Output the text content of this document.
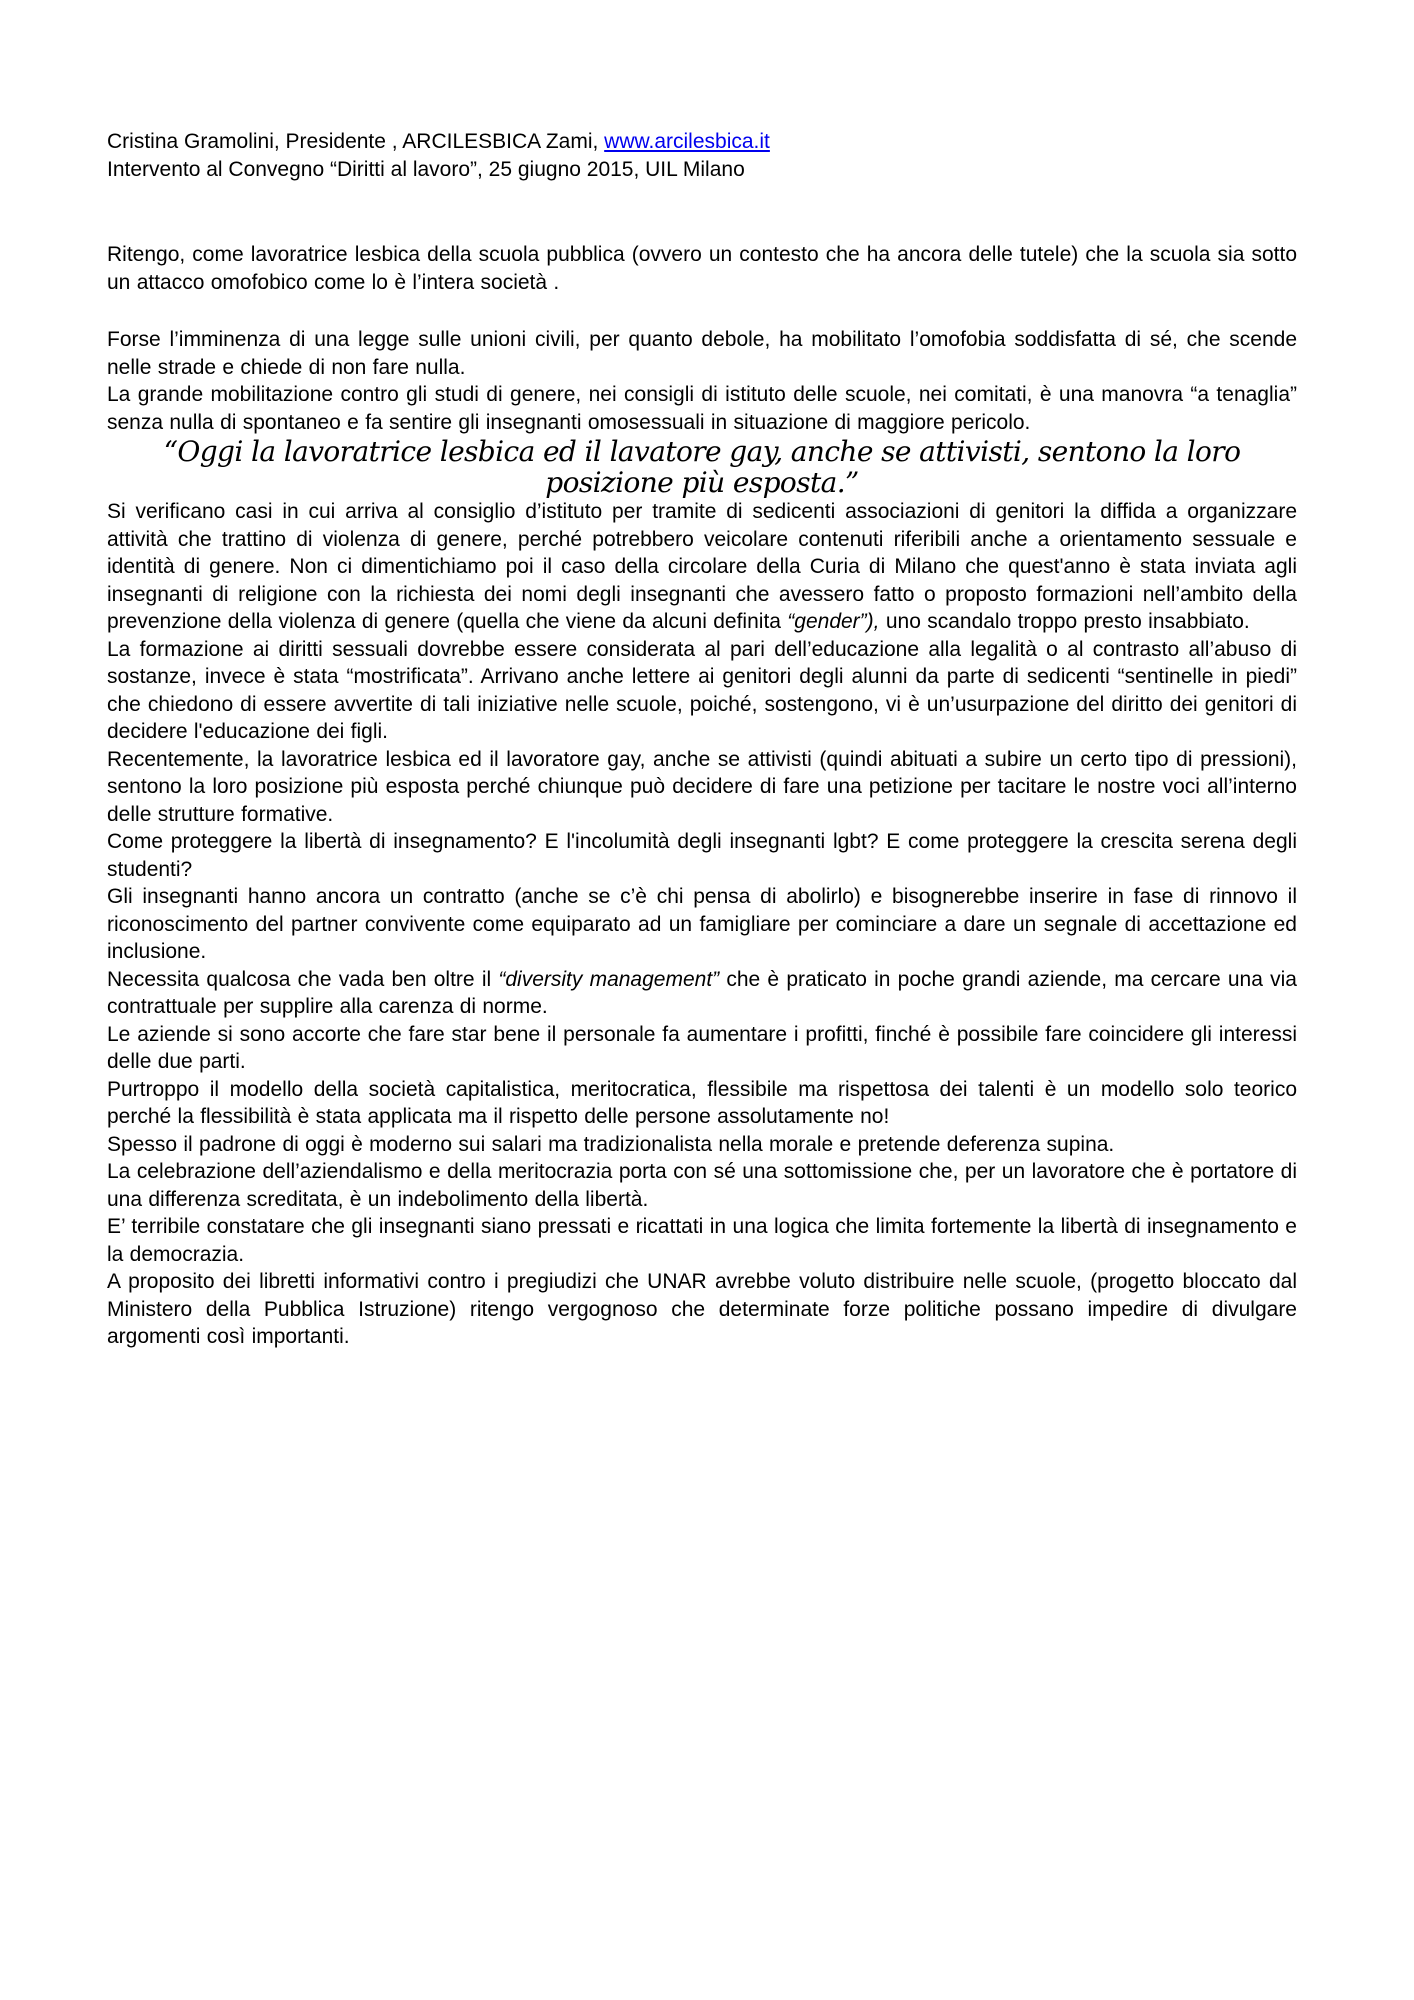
Cristina Gramolini, Presidente , ARCILESBICA Zami, www.arcilesbica.it

Intervento al Convegno “Diritti al lavoro”, 25 giugno 2015, UIL Milano

Ritengo, come lavoratrice lesbica della scuola pubblica (ovvero un contesto che ha ancora delle tutele) che la scuola sia sotto un attacco omofobico come lo è l’intera società .

Forse l’imminenza di una legge sulle unioni civili, per quanto debole, ha mobilitato l’omofobia soddisfatta di sé, che scende nelle strade e chiede di non fare nulla.

La grande mobilitazione contro gli studi di genere, nei consigli di istituto delle scuole, nei comitati, è una manovra “a tenaglia” senza nulla di spontaneo e fa sentire gli insegnanti omosessuali in situazione di maggiore pericolo.

“Oggi la lavoratrice lesbica ed il lavatore gay, anche se attivisti, sentono la loro posizione più esposta.”

Si verificano casi in cui arriva al consiglio d’istituto per tramite di sedicenti associazioni di genitori la diffida a organizzare attività che trattino di violenza di genere, perché potrebbero veicolare contenuti riferibili anche a orientamento sessuale e identità di genere. Non ci dimentichiamo poi il caso della circolare della Curia di Milano che quest'anno è stata inviata agli insegnanti di religione con la richiesta dei nomi degli insegnanti che avessero fatto o proposto formazioni nell’ambito della prevenzione della violenza di genere (quella che viene da alcuni definita “gender”), uno scandalo troppo presto insabbiato.

La formazione ai diritti sessuali dovrebbe essere considerata al pari dell’educazione alla legalità o al contrasto all’abuso di sostanze, invece è stata “mostrificata”. Arrivano anche lettere ai genitori degli alunni da parte di sedicenti “sentinelle in piedi” che chiedono di essere avvertite di tali iniziative nelle scuole, poiché, sostengono, vi è un’usurpazione del diritto dei genitori di decidere l'educazione dei figli.

Recentemente, la lavoratrice lesbica ed il lavoratore gay, anche se attivisti (quindi abituati a subire un certo tipo di pressioni), sentono la loro posizione più esposta perché chiunque può decidere di fare una petizione per tacitare le nostre voci all’interno delle strutture formative.

Come proteggere la libertà di insegnamento? E l'incolumità degli insegnanti lgbt? E come proteggere la crescita serena degli studenti?

Gli insegnanti hanno ancora un contratto (anche se c’è chi pensa di abolirlo) e bisognerebbe inserire in fase di rinnovo il riconoscimento del partner convivente come equiparato ad un famigliare per cominciare a dare un segnale di accettazione ed inclusione.

Necessita qualcosa che vada ben oltre il “diversity management” che è praticato in poche grandi aziende, ma cercare una via contrattuale per supplire alla carenza di norme.

Le aziende si sono accorte che fare star bene il personale fa aumentare i profitti, finché è possibile fare coincidere gli interessi delle due parti.

Purtroppo il modello della società capitalistica, meritocratica, flessibile ma rispettosa dei talenti è un modello solo teorico perché la flessibilità è stata applicata ma il rispetto delle persone assolutamente no!

Spesso il padrone di oggi è moderno sui salari ma tradizionalista nella morale e pretende deferenza supina.

La celebrazione dell’aziendalismo e della meritocrazia porta con sé una sottomissione che, per un lavoratore che è portatore di una differenza screditata, è un indebolimento della libertà.

E’ terribile constatare che gli insegnanti siano pressati e ricattati in una logica che limita fortemente la libertà di insegnamento e la democrazia.

A proposito dei libretti informativi contro i pregiudizi che UNAR avrebbe voluto distribuire nelle scuole, (progetto bloccato dal Ministero della Pubblica Istruzione) ritengo vergognoso che determinate forze politiche possano impedire di divulgare argomenti così importanti.
